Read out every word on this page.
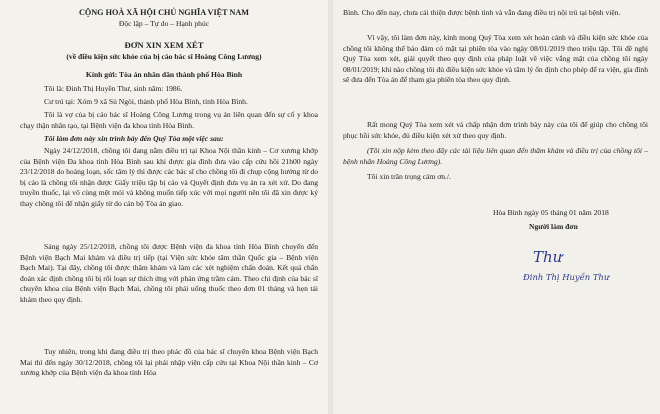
CỘNG HOÀ XÃ HỘI CHỦ NGHĨA VIỆT NAM

Độc lập – Tự do – Hạnh phúc

ĐƠN XIN XEM XÉT

(về điều kiện sức khỏe của bị cáo bác sĩ Hoàng Công Lương)

Kính gửi: Tòa án nhân dân thành phố Hòa Bình

Tôi là: Đinh Thị Huyền Thư, sinh năm: 1986.

Cư trú tại: Xóm 9 xã Sủ Ngòi, thành phố Hòa Bình, tỉnh Hòa Bình.

Tôi là vợ của bị cáo bác sĩ Hoàng Công Lương trong vụ án liên quan đến sự cố y khoa chạy thận nhân tạo, tại Bệnh viện đa khoa tỉnh Hòa Bình.

Tôi làm đơn này xin trình bày đến Quý Tòa một việc sau:

Ngày 24/12/2018, chồng tôi đang nằm điều trị tại Khoa Nội thần kinh – Cơ xương khớp của Bệnh viện Đa khoa tỉnh Hòa Bình sau khi được gia đình đưa vào cấp cứu hồi 21h00 ngày 23/12/2018 do hoảng loạn, sốc tâm lý thì được các bác sĩ cho chồng tôi đi chụp cộng hưởng từ do bị cáo là chồng tôi nhận được Giấy triệu tập bị cáo và Quyết định đưa vụ án ra xét xử. Do đang truyền thuốc, lại vô cùng mệt mỏi và không muốn tiếp xúc với mọi người nên tôi đã xin được ký thay chồng tôi để nhận giấy từ do cán bộ Tòa án giao.

Sáng ngày 25/12/2018, chồng tôi được Bệnh viện đa khoa tỉnh Hòa Bình chuyển đến Bệnh viện Bạch Mai khám và điều trị tiếp (tại Viện sức khỏe tâm thần Quốc gia – Bệnh viện Bạch Mai). Tại đây, chồng tôi được thăm khám và làm các xét nghiệm chẩn đoán. Kết quả chẩn đoán xác định chồng tôi bị rối loạn sự thích ứng với phản ứng trầm cảm. Theo chỉ định của bác sĩ chuyên khoa của Bệnh viện Bạch Mai, chồng tôi phải uống thuốc theo đơn 01 tháng và hẹn tái khám theo quy định.

Tuy nhiên, trong khi đang điều trị theo phác đồ của bác sĩ chuyên khoa Bệnh viện Bạch Mai thì đến ngày 30/12/2018, chồng tôi lại phải nhập viện cấp cứu tại Khoa Nội thần kinh – Cơ xương khớp của Bệnh viện đa khoa tỉnh Hòa

Bình. Cho đến nay, chưa cải thiện được bệnh tình và vẫn đang điều trị nội trú tại bệnh viện.

Vì vậy, tôi làm đơn này, kính mong Quý Tòa xem xét hoàn cảnh và điều kiện sức khỏe của chồng tôi không thể bảo đảm có mặt tại phiên tòa vào ngày 08/01/2019 theo triệu tập. Tôi đề nghị Quý Tòa xem xét, giải quyết theo quy định của pháp luật về việc vắng mặt của chồng tôi ngày 08/01/2019; khi nào chồng tôi đủ điều kiện sức khỏe và tâm lý ổn định cho phép để ra viện, gia đình sẽ đưa đến Tòa án để tham gia phiên tòa theo quy định.

Rất mong Quý Tòa xem xét và chấp nhận đơn trình bày này của tôi để giúp cho chồng tôi phục hồi sức khỏe, đủ điều kiện xét xử theo quy định.

(Tôi xin nộp kèm theo đây các tài liệu liên quan đến thăm khám và điều trị của chồng tôi – bệnh nhân Hoàng Công Lương).

Tôi xin trân trọng cảm ơn./.

Hòa Bình ngày 05 tháng 01 năm 2018

Người làm đơn

Thư
Đinh Thị Huyền Thư
